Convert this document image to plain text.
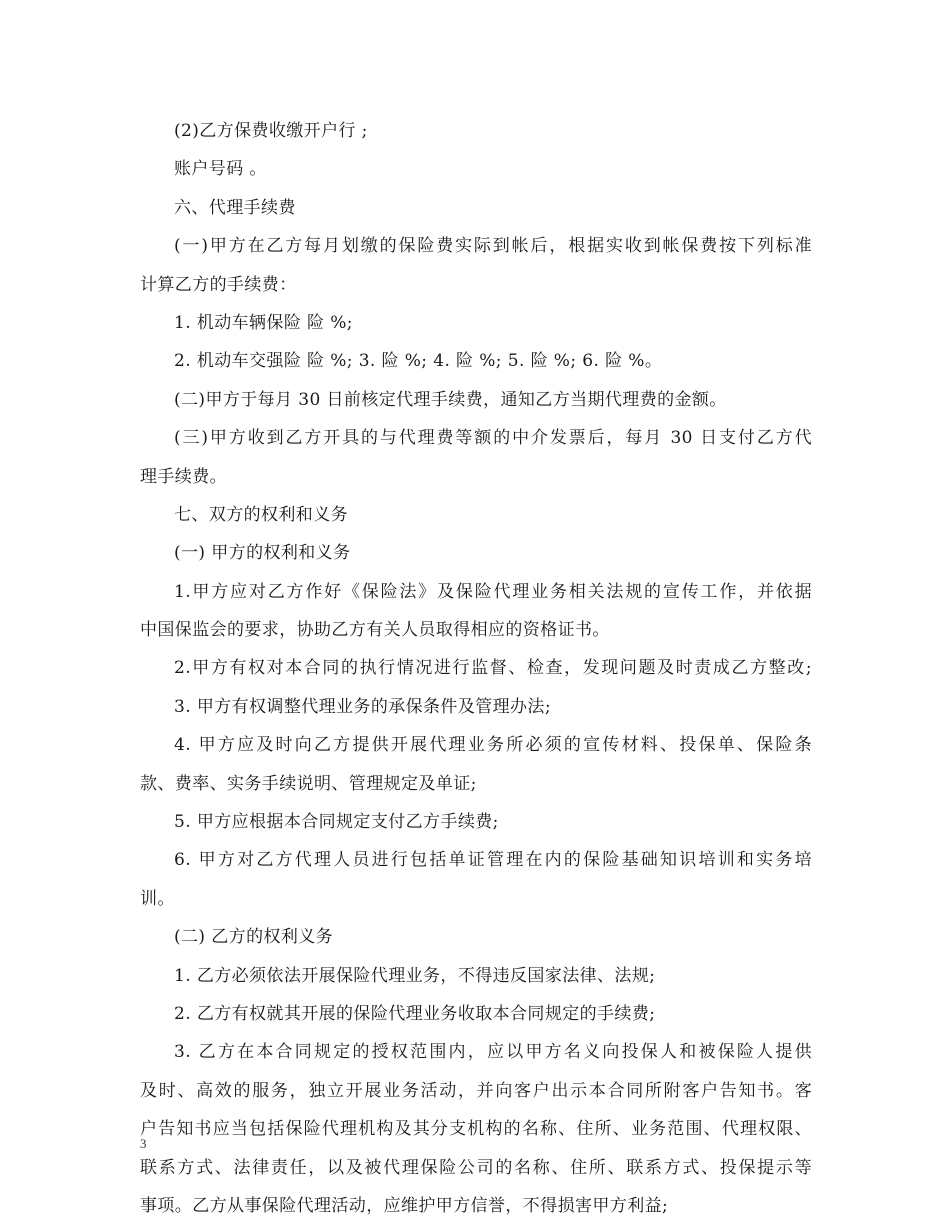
(2)乙方保费收缴开户行 ;
账户号码 。
六、代理手续费
(一)甲方在乙方每月划缴的保险费实际到帐后，根据实收到帐保费按下列标准
计算乙方的手续费：
1. 机动车辆保险 险 %;
2. 机动车交强险 险 %; 3. 险 %; 4. 险 %; 5. 险 %; 6. 险 %。
(二)甲方于每月 30 日前核定代理手续费，通知乙方当期代理费的金额。
(三)甲方收到乙方开具的与代理费等额的中介发票后，每月 30 日支付乙方代
理手续费。
七、双方的权利和义务
(一) 甲方的权利和义务
1.甲方应对乙方作好《保险法》及保险代理业务相关法规的宣传工作，并依据
中国保监会的要求，协助乙方有关人员取得相应的资格证书。
2.甲方有权对本合同的执行情况进行监督、检查，发现问题及时责成乙方整改;
3. 甲方有权调整代理业务的承保条件及管理办法;
4. 甲方应及时向乙方提供开展代理业务所必须的宣传材料、投保单、保险条
款、费率、实务手续说明、管理规定及单证;
5. 甲方应根据本合同规定支付乙方手续费;
6. 甲方对乙方代理人员进行包括单证管理在内的保险基础知识培训和实务培
训。
(二) 乙方的权利义务
1. 乙方必须依法开展保险代理业务，不得违反国家法律、法规;
2. 乙方有权就其开展的保险代理业务收取本合同规定的手续费;
3. 乙方在本合同规定的授权范围内，应以甲方名义向投保人和被保险人提供
及时、高效的服务，独立开展业务活动，并向客户出示本合同所附客户告知书。客
户告知书应当包括保险代理机构及其分支机构的名称、住所、业务范围、代理权限、
联系方式、法律责任，以及被代理保险公司的名称、住所、联系方式、投保提示等
事项。乙方从事保险代理活动，应维护甲方信誉，不得损害甲方利益;
3
